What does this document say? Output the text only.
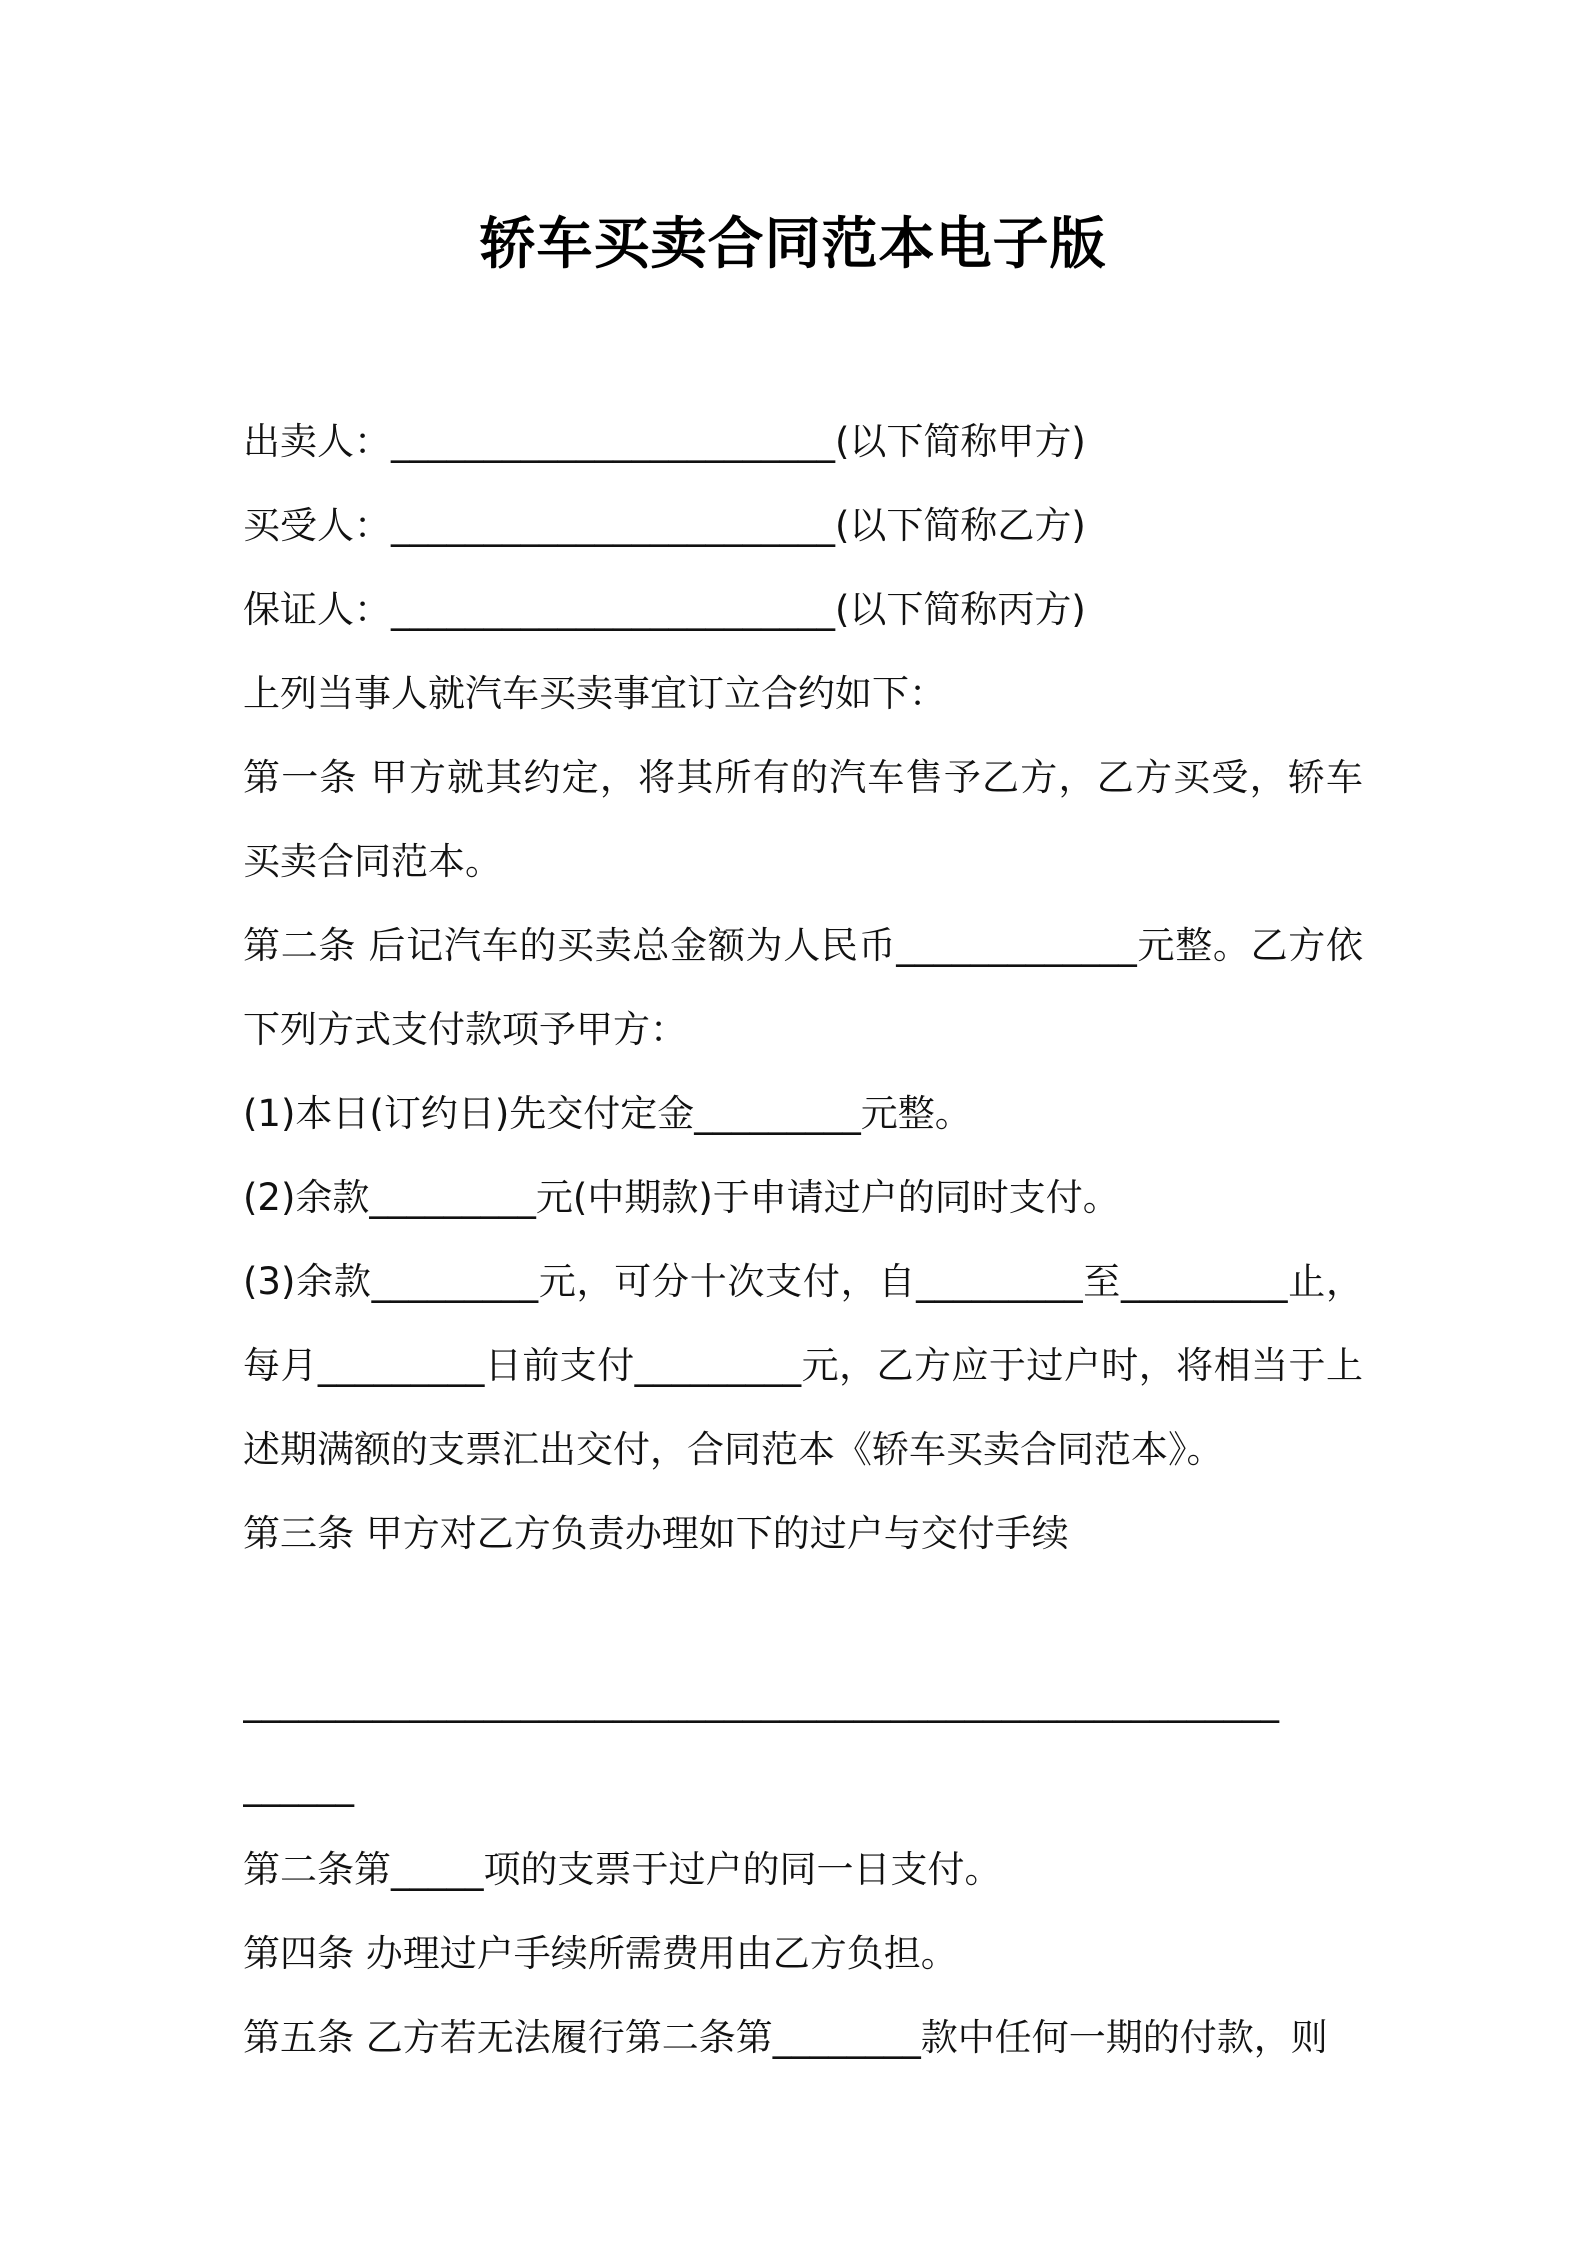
轿车买卖合同范本电子版

出卖人：________________________(以下简称甲方)

买受人：________________________(以下简称乙方)

保证人：________________________(以下简称丙方)

上列当事人就汽车买卖事宜订立合约如下：

第一条 甲方就其约定，将其所有的汽车售予乙方，乙方买受，轿车买卖合同范本。

第二条 后记汽车的买卖总金额为人民币_____________元整。乙方依下列方式支付款项予甲方：

(1)本日(订约日)先交付定金_________元整。

(2)余款_________元(中期款)于申请过户的同时支付。

(3)余款_________元，可分十次支付，自_________至_________止，每月_________日前支付_________元，乙方应于过户时，将相当于上述期满额的支票汇出交付，合同范本《轿车买卖合同范本》。

第三条 甲方对乙方负责办理如下的过户与交付手续

________________________________________________________

______

第二条第_____项的支票于过户的同一日支付。

第四条 办理过户手续所需费用由乙方负担。

第五条 乙方若无法履行第二条第________款中任何一期的付款，则
